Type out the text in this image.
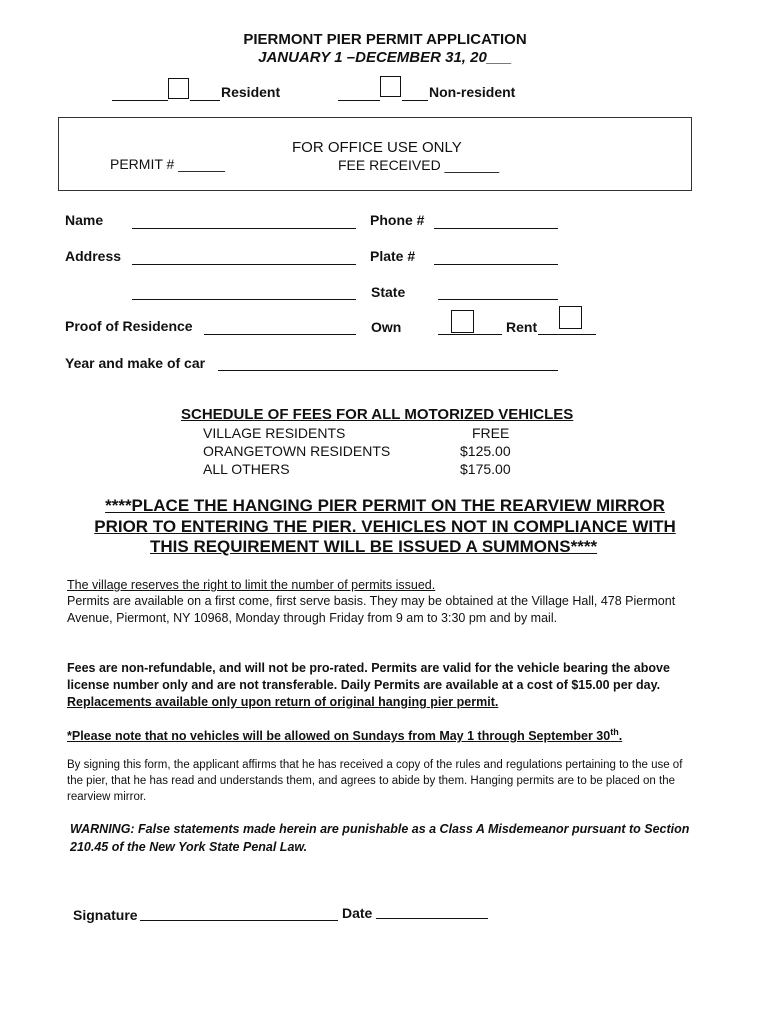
PIERMONT PIER PERMIT APPLICATION
JANUARY 1 –DECEMBER 31, 20___
Resident	Non-resident
FOR OFFICE USE ONLY
PERMIT # ______	FEE RECEIVED _______
Name	Phone #
Address	Plate #
State
Proof of Residence	Own	Rent
Year and make of car
SCHEDULE OF FEES FOR ALL MOTORIZED VEHICLES
VILLAGE RESIDENTS	FREE
ORANGETOWN RESIDENTS	$125.00
ALL OTHERS	$175.00
****PLACE THE HANGING PIER PERMIT ON THE REARVIEW MIRROR
PRIOR TO ENTERING THE PIER. VEHICLES NOT IN COMPLIANCE WITH
THIS REQUIREMENT WILL BE ISSUED A SUMMONS****
The village reserves the right to limit the number of permits issued.
Permits are available on a first come, first serve basis. They may be obtained at the Village Hall, 478 Piermont Avenue, Piermont, NY 10968, Monday through Friday from 9 am to 3:30 pm and by mail.
Fees are non-refundable, and will not be pro-rated. Permits are valid for the vehicle bearing the above license number only and are not transferable. Daily Permits are available at a cost of $15.00 per day. Replacements available only upon return of original hanging pier permit.
*Please note that no vehicles will be allowed on Sundays from May 1 through September 30th.
By signing this form, the applicant affirms that he has received a copy of the rules and regulations pertaining to the use of the pier, that he has read and understands them, and agrees to abide by them. Hanging permits are to be placed on the rearview mirror.
WARNING: False statements made herein are punishable as a Class A Misdemeanor pursuant to Section 210.45 of the New York State Penal Law.
Signature	Date
